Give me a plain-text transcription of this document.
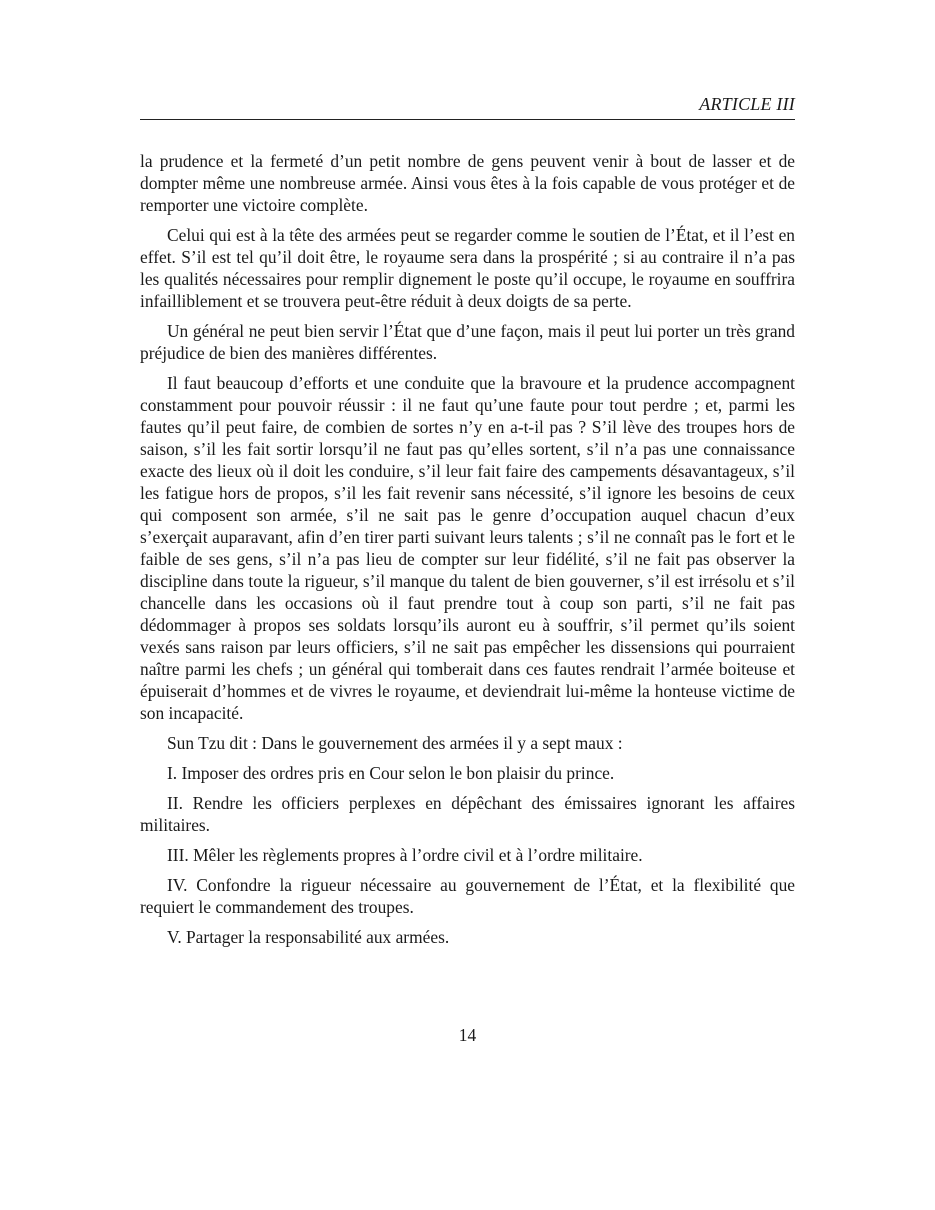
ARTICLE III

la prudence et la fermeté d’un petit nombre de gens peuvent venir à bout de lasser et de dompter même une nombreuse armée. Ainsi vous êtes à la fois capable de vous protéger et de remporter une victoire complète.

Celui qui est à la tête des armées peut se regarder comme le soutien de l’État, et il l’est en effet. S’il est tel qu’il doit être, le royaume sera dans la prospérité ; si au contraire il n’a pas les qualités nécessaires pour remplir dignement le poste qu’il occupe, le royaume en souffrira infailliblement et se trouvera peut-être réduit à deux doigts de sa perte.

Un général ne peut bien servir l’État que d’une façon, mais il peut lui porter un très grand préjudice de bien des manières différentes.

Il faut beaucoup d’efforts et une conduite que la bravoure et la prudence accompagnent constamment pour pouvoir réussir : il ne faut qu’une faute pour tout perdre ; et, parmi les fautes qu’il peut faire, de combien de sortes n’y en a-t-il pas ? S’il lève des troupes hors de saison, s’il les fait sortir lorsqu’il ne faut pas qu’elles sortent, s’il n’a pas une connaissance exacte des lieux où il doit les conduire, s’il leur fait faire des campements désavantageux, s’il les fatigue hors de propos, s’il les fait revenir sans nécessité, s’il ignore les besoins de ceux qui composent son armée, s’il ne sait pas le genre d’occupation auquel chacun d’eux s’exerçait auparavant, afin d’en tirer parti suivant leurs talents ; s’il ne connaît pas le fort et le faible de ses gens, s’il n’a pas lieu de compter sur leur fidélité, s’il ne fait pas observer la discipline dans toute la rigueur, s’il manque du talent de bien gouverner, s’il est irrésolu et s’il chancelle dans les occasions où il faut prendre tout à coup son parti, s’il ne fait pas dédommager à propos ses soldats lorsqu’ils auront eu à souffrir, s’il permet qu’ils soient vexés sans raison par leurs officiers, s’il ne sait pas empêcher les dissensions qui pourraient naître parmi les chefs ; un général qui tomberait dans ces fautes rendrait l’armée boiteuse et épuiserait d’hommes et de vivres le royaume, et deviendrait lui-même la honteuse victime de son incapacité.

Sun Tzu dit : Dans le gouvernement des armées il y a sept maux :

I. Imposer des ordres pris en Cour selon le bon plaisir du prince.

II. Rendre les officiers perplexes en dépêchant des émissaires ignorant les affaires militaires.

III. Mêler les règlements propres à l’ordre civil et à l’ordre militaire.

IV. Confondre la rigueur nécessaire au gouvernement de l’État, et la flexibilité que requiert le commandement des troupes.

V. Partager la responsabilité aux armées.

14
